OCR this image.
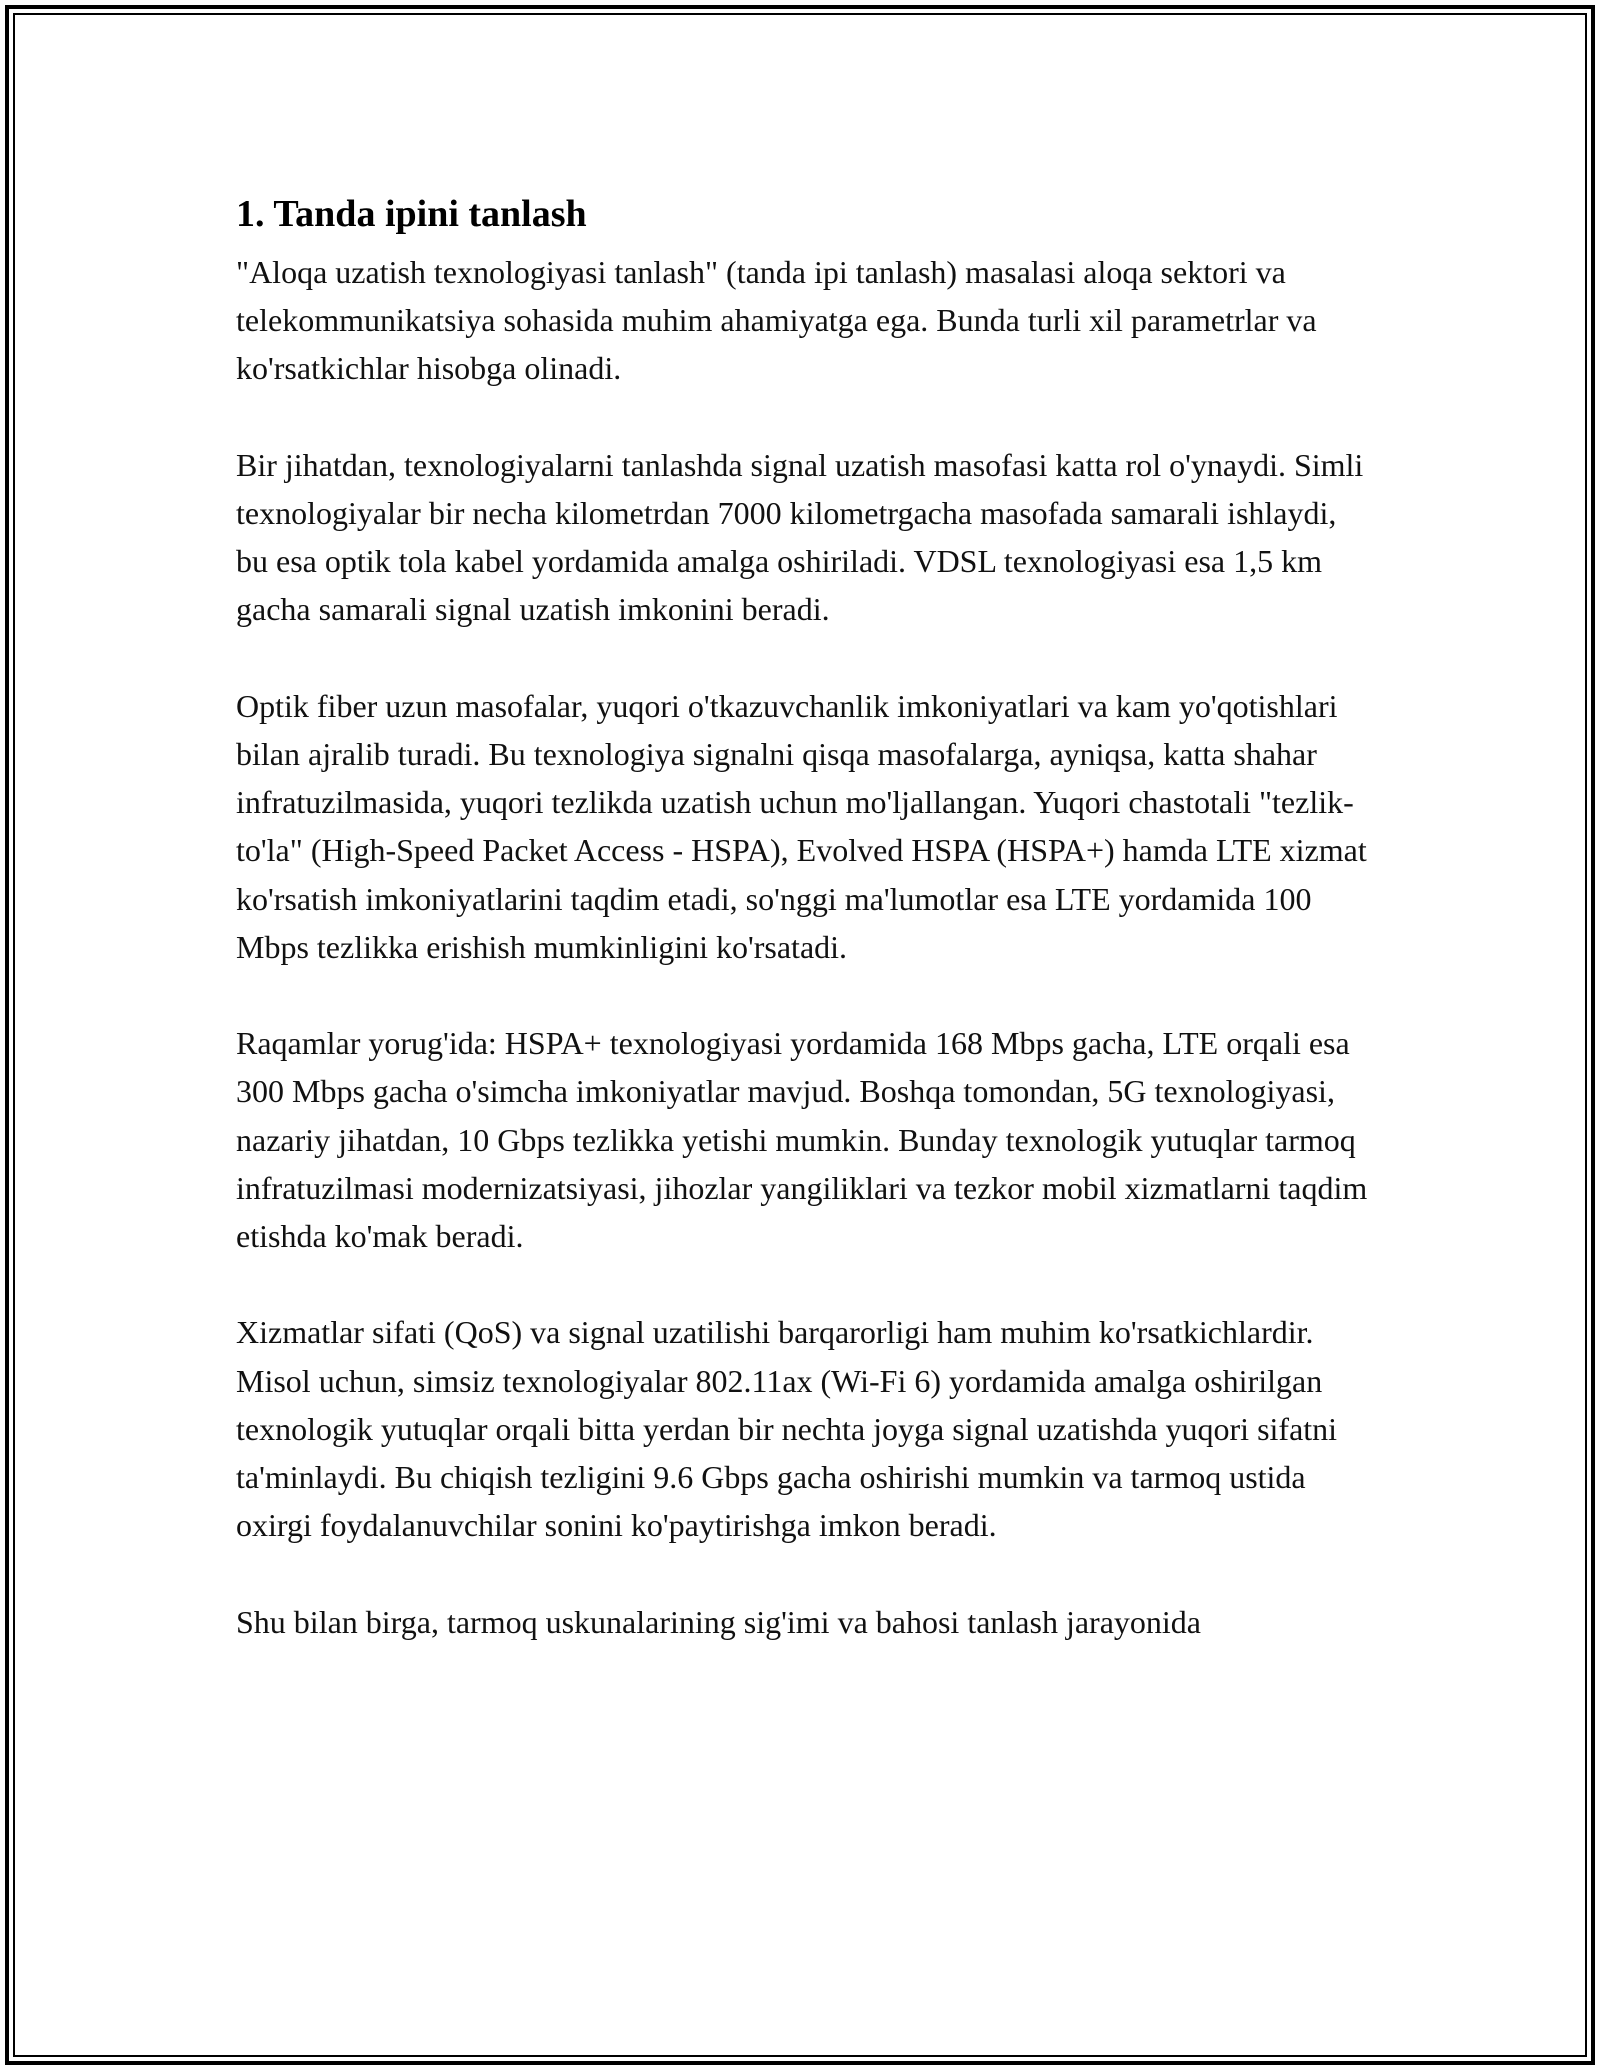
1. Tanda ipini tanlash

"Aloqa uzatish texnologiyasi tanlash" (tanda ipi tanlash) masalasi aloqa sektori va telekommunikatsiya sohasida muhim ahamiyatga ega. Bunda turli xil parametrlar va ko'rsatkichlar hisobga olinadi.

Bir jihatdan, texnologiyalarni tanlashda signal uzatish masofasi katta rol o'ynaydi. Simli texnologiyalar bir necha kilometrdan 7000 kilometrgacha masofada samarali ishlaydi, bu esa optik tola kabel yordamida amalga oshiriladi. VDSL texnologiyasi esa 1,5 km gacha samarali signal uzatish imkonini beradi.

Optik fiber uzun masofalar, yuqori o'tkazuvchanlik imkoniyatlari va kam yo'qotishlari bilan ajralib turadi. Bu texnologiya signalni qisqa masofalarga, ayniqsa, katta shahar infratuzilmasida, yuqori tezlikda uzatish uchun mo'ljallangan. Yuqori chastotali "tezlik-to'la" (High-Speed Packet Access - HSPA), Evolved HSPA (HSPA+) hamda LTE xizmat ko'rsatish imkoniyatlarini taqdim etadi, so'nggi ma'lumotlar esa LTE yordamida 100 Mbps tezlikka erishish mumkinligini ko'rsatadi.

Raqamlar yorug'ida: HSPA+ texnologiyasi yordamida 168 Mbps gacha, LTE orqali esa 300 Mbps gacha o'simcha imkoniyatlar mavjud. Boshqa tomondan, 5G texnologiyasi, nazariy jihatdan, 10 Gbps tezlikka yetishi mumkin. Bunday texnologik yutuqlar tarmoq infratuzilmasi modernizatsiyasi, jihozlar yangiliklari va tezkor mobil xizmatlarni taqdim etishda ko'mak beradi.

Xizmatlar sifati (QoS) va signal uzatilishi barqarorligi ham muhim ko'rsatkichlardir. Misol uchun, simsiz texnologiyalar 802.11ax (Wi-Fi 6) yordamida amalga oshirilgan texnologik yutuqlar orqali bitta yerdan bir nechta joyga signal uzatishda yuqori sifatni ta'minlaydi. Bu chiqish tezligini 9.6 Gbps gacha oshirishi mumkin va tarmoq ustida oxirgi foydalanuvchilar sonini ko'paytirishga imkon beradi.

Shu bilan birga, tarmoq uskunalarining sig'imi va bahosi tanlash jarayonida
